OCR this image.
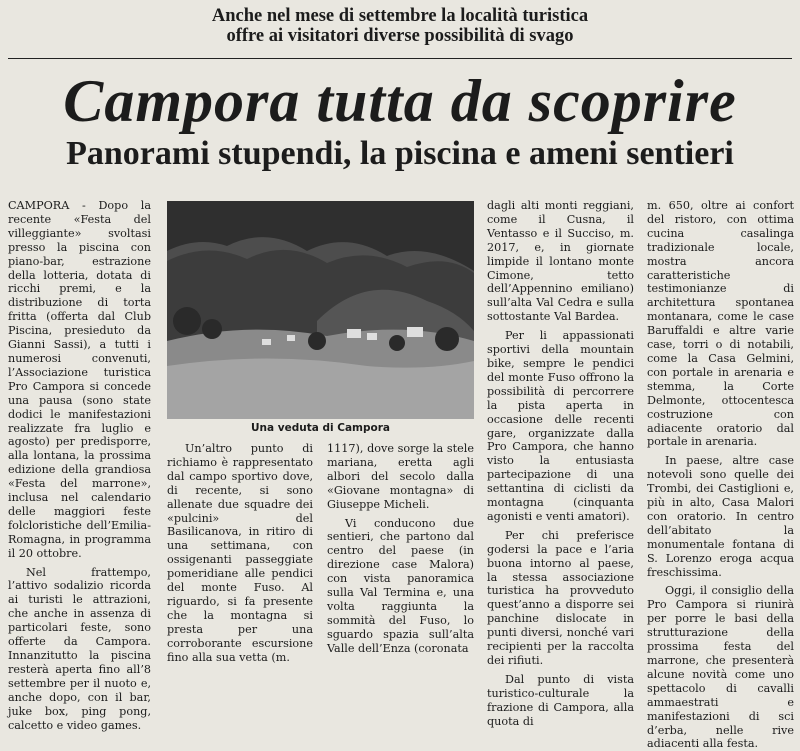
Anche nel mese di settembre la località turistica
offre ai visitatori diverse possibilità di svago
Campora tutta da scoprire
Panorami stupendi, la piscina e ameni sentieri

CAMPORA - Dopo la recente «Festa del villeggiante» svoltasi presso la piscina con piano-bar, estrazione della lotteria, dotata di ricchi premi, e la distribuzione di torta fritta (offerta dal Club Piscina, presieduto da Gianni Sassi), a tutti i numerosi convenuti, l’Associazione turistica Pro Campora si concede una pausa (sono state dodici le manifestazioni realizzate fra luglio e agosto) per predisporre, alla lontana, la prossima edizione della grandiosa «Festa del marrone», inclusa nel calendario delle maggiori feste folcloristiche dell’Emilia-Romagna, in programma il 20 ottobre.

Nel frattempo, l’attivo sodalizio ricorda ai turisti le attrazioni, che anche in assenza di particolari feste, sono offerte da Campora. Innanzitutto la piscina resterà aperta fino all’8 settembre per il nuoto e, anche dopo, con il bar, juke box, ping pong, calcetto e video games.

Una veduta di Campora

Un’altro punto di richiamo è rappresentato dal campo sportivo dove, di recente, si sono allenate due squadre dei «pulcini» del Basilicanova, in ritiro di una settimana, con ossigenanti passeggiate pomeridiane alle pendici del monte Fuso. Al riguardo, si fa presente che la montagna si presta per una corroborante escursione fino alla sua vetta (m.

1117), dove sorge la stele mariana, eretta agli albori del secolo dalla «Giovane montagna» di Giuseppe Micheli.

Vi conducono due sentieri, che partono dal centro del paese (in direzione case Malora) con vista panoramica sulla Val Termina e, una volta raggiunta la sommità del Fuso, lo sguardo spazia sull’alta Valle dell’Enza (coronata

dagli alti monti reggiani, come il Cusna, il Ventasso e il Succiso, m. 2017, e, in giornate limpide il lontano monte Cimone, tetto dell’Appennino emiliano) sull’alta Val Cedra e sulla sottostante Val Bardea.

Per li appassionati sportivi della mountain bike, sempre le pendici del monte Fuso offrono la possibilità di percorrere la pista aperta in occasione delle recenti gare, organizzate dalla Pro Campora, che hanno visto la entusiasta partecipazione di una settantina di ciclisti da montagna (cinquanta agonisti e venti amatori).

Per chi preferisce godersi la pace e l’aria buona intorno al paese, la stessa associazione turistica ha provveduto quest’anno a disporre sei panchine dislocate in punti diversi, nonché vari recipienti per la raccolta dei rifiuti.

Dal punto di vista turistico-culturale la frazione di Campora, alla quota di

m. 650, oltre ai confort del ristoro, con ottima cucina casalinga tradizionale locale, mostra ancora caratteristiche testimonianze di architettura spontanea montanara, come le case Baruffaldi e altre varie case, torri o di notabili, come la Casa Gelmini, con portale in arenaria e stemma, la Corte Delmonte, ottocentesca costruzione con adiacente oratorio dal portale in arenaria.

In paese, altre case notevoli sono quelle dei Trombi, dei Castiglioni e, più in alto, Casa Malori con oratorio. In centro dell’abitato la monumentale fontana di S. Lorenzo eroga acqua freschissima.

Oggi, il consiglio della Pro Campora si riunirà per porre le basi della strutturazione della prossima festa del marrone, che presenterà alcune novità come uno spettacolo di cavalli ammaestrati e manifestazioni di sci d’erba, nelle rive adiacenti alla festa.
